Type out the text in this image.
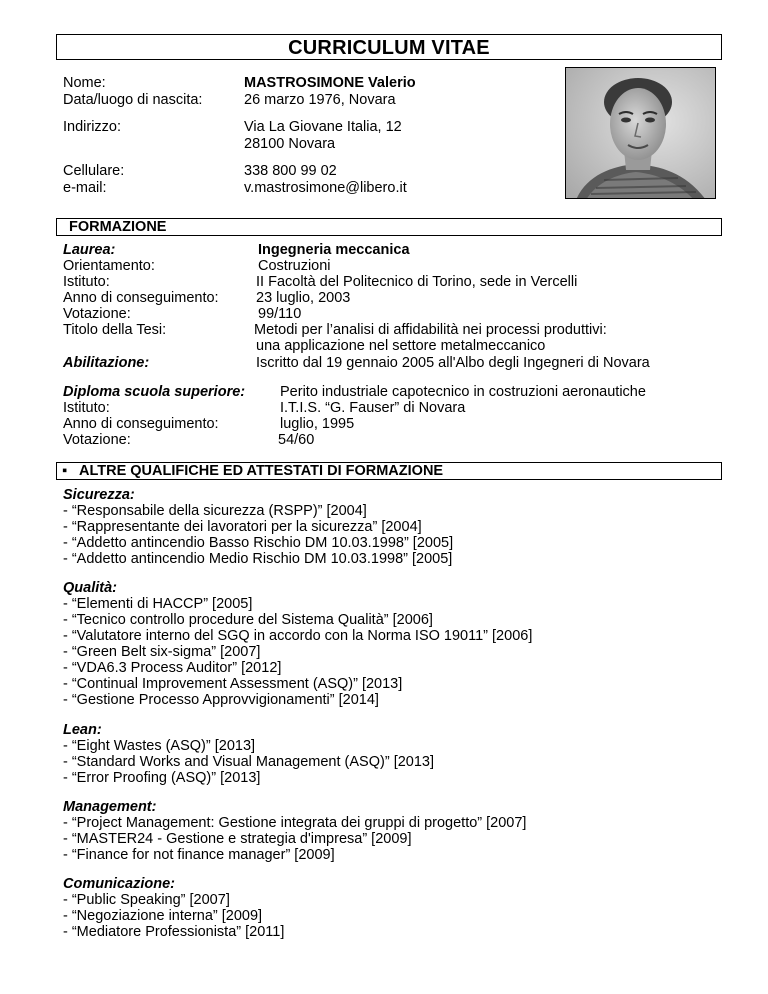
CURRICULUM VITAE
Nome:	MASTROSIMONE Valerio
Data/luogo di nascita:	26 marzo 1976, Novara
Indirizzo:	Via La Giovane Italia, 12
28100 Novara
Cellulare:	338 800 99 02
e-mail:	v.mastrosimone@libero.it
FORMAZIONE
Laurea:	Ingegneria meccanica
Orientamento:	Costruzioni
Istituto:	II Facoltà del Politecnico di Torino, sede in Vercelli
Anno di conseguimento:	23 luglio, 2003
Votazione:	99/110
Titolo della Tesi:	Metodi per l’analisi di affidabilità nei processi produttivi:
una applicazione nel settore metalmeccanico
Abilitazione:	Iscritto dal 19 gennaio 2005 all'Albo degli Ingegneri di Novara
Diploma scuola superiore: Perito industriale capotecnico in costruzioni aeronautiche
Istituto:	I.T.I.S. “G. Fauser” di Novara
Anno di conseguimento:	luglio, 1995
Votazione:	54/60
▪ ALTRE QUALIFICHE ED ATTESTATI DI FORMAZIONE
Sicurezza:
- “Responsabile della sicurezza (RSPP)” [2004]
- “Rappresentante dei lavoratori per la sicurezza” [2004]
- “Addetto antincendio Basso Rischio DM 10.03.1998” [2005]
- “Addetto antincendio Medio Rischio DM 10.03.1998” [2005]
Qualità:
- “Elementi di HACCP” [2005]
- “Tecnico controllo procedure del Sistema Qualità” [2006]
- “Valutatore interno del SGQ in accordo con la Norma ISO 19011” [2006]
- “Green Belt six-sigma” [2007]
- “VDA6.3 Process Auditor” [2012]
- “Continual Improvement Assessment (ASQ)” [2013]
- “Gestione Processo Approvvigionamenti” [2014]
Lean:
- “Eight Wastes (ASQ)” [2013]
- “Standard Works and Visual Management (ASQ)” [2013]
- “Error Proofing (ASQ)” [2013]
Management:
- “Project Management: Gestione integrata dei gruppi di progetto” [2007]
- “MASTER24 - Gestione e strategia d'impresa” [2009]
- “Finance for not finance manager” [2009]
Comunicazione:
- “Public Speaking” [2007]
- “Negoziazione interna” [2009]
- “Mediatore Professionista” [2011]
